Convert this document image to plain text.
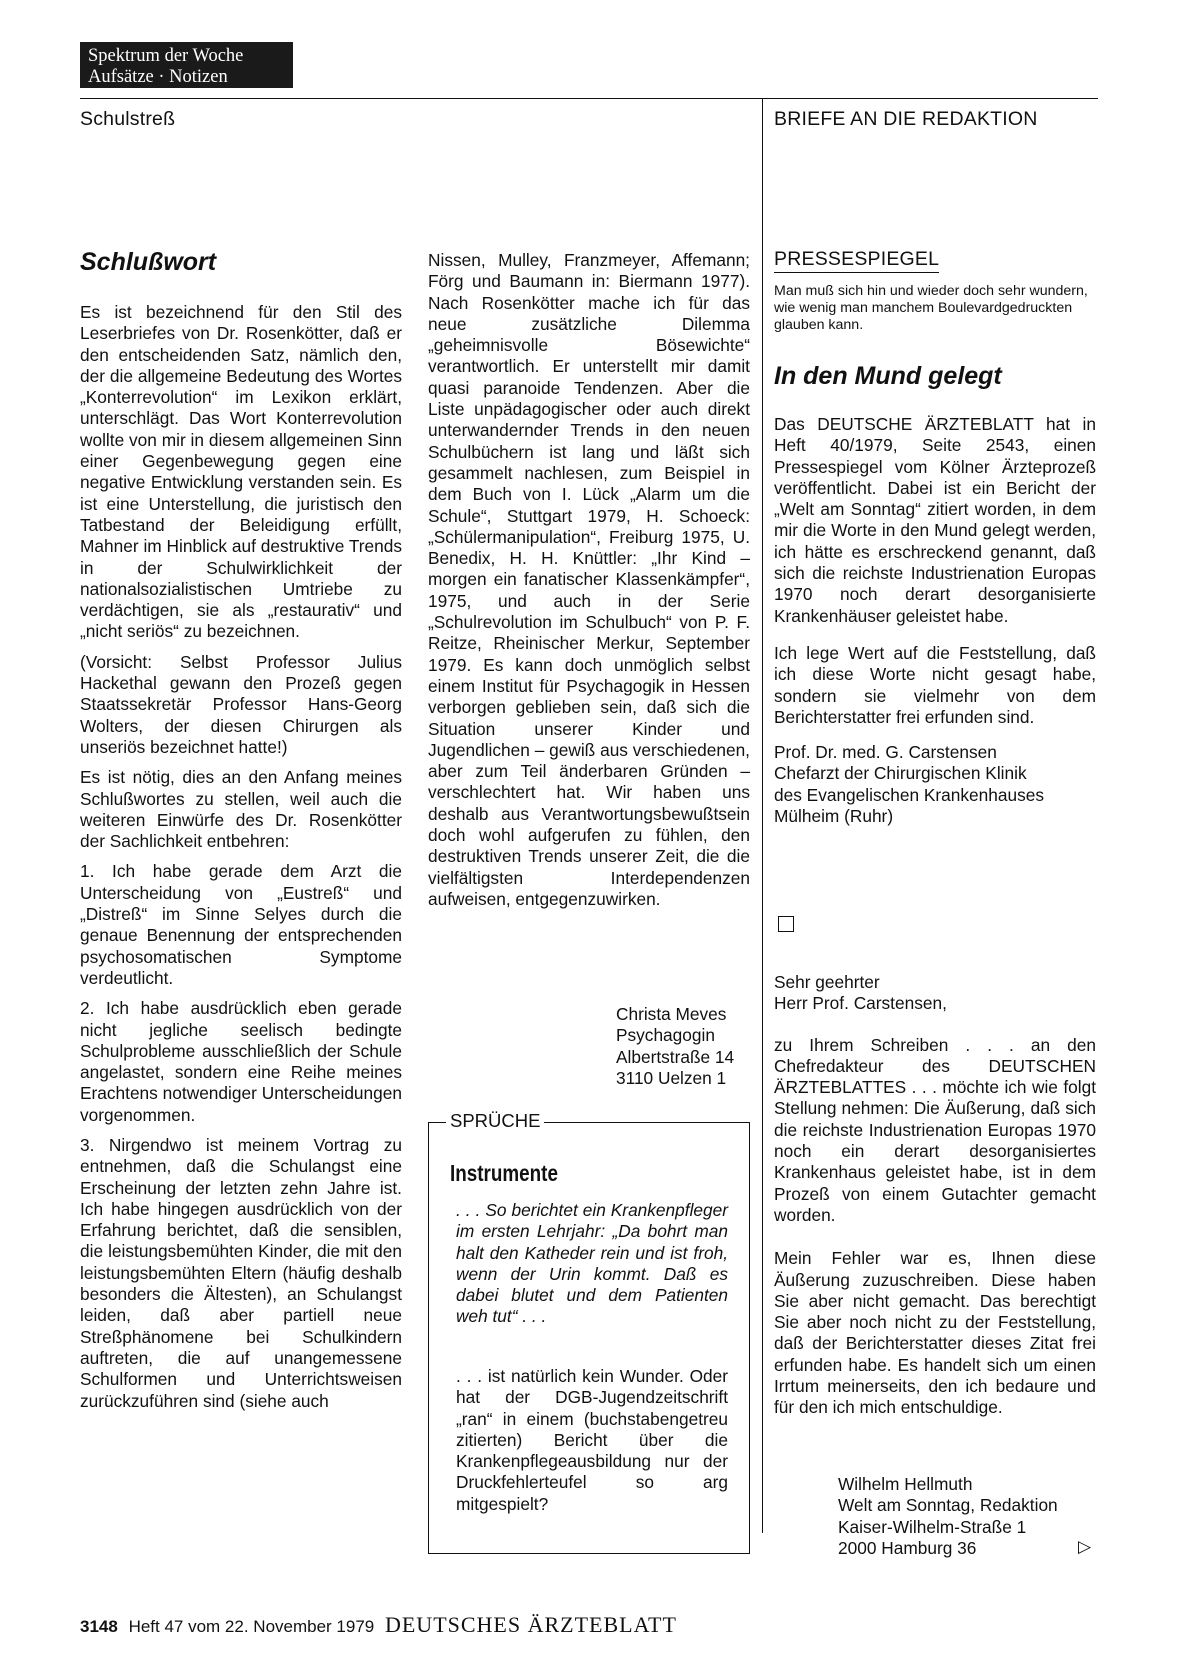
Spektrum der Woche
Aufsätze · Notizen
Schulstreß	BRIEFE AN DIE REDAKTION
Schlußwort

Es ist bezeichnend für den Stil des Leserbriefes von Dr. Rosenkötter, daß er den entscheidenden Satz, nämlich den, der die allgemeine Bedeutung des Wortes „Konterrevolution“ im Lexikon erklärt, unterschlägt. Das Wort Konterrevolution wollte von mir in diesem allgemeinen Sinn einer Gegenbewegung gegen eine negative Entwicklung verstanden sein. Es ist eine Unterstellung, die juristisch den Tatbestand der Beleidigung erfüllt, Mahner im Hinblick auf destruktive Trends in der Schulwirklichkeit der nationalsozialistischen Umtriebe zu verdächtigen, sie als „restaurativ“ und „nicht seriös“ zu bezeichnen.

(Vorsicht: Selbst Professor Julius Hackethal gewann den Prozeß gegen Staatssekretär Professor Hans-Georg Wolters, der diesen Chirurgen als unseriös bezeichnet hatte!)

Es ist nötig, dies an den Anfang meines Schlußwortes zu stellen, weil auch die weiteren Einwürfe des Dr. Rosenkötter der Sachlichkeit entbehren:

1. Ich habe gerade dem Arzt die Unterscheidung von „Eustreß“ und „Distreß“ im Sinne Selyes durch die genaue Benennung der entsprechenden psychosomatischen Symptome verdeutlicht.

2. Ich habe ausdrücklich eben gerade nicht jegliche seelisch bedingte Schulprobleme ausschließlich der Schule angelastet, sondern eine Reihe meines Erachtens notwendiger Unterscheidungen vorgenommen.

3. Nirgendwo ist meinem Vortrag zu entnehmen, daß die Schulangst eine Erscheinung der letzten zehn Jahre ist. Ich habe hingegen ausdrücklich von der Erfahrung berichtet, daß die sensiblen, die leistungsbemühten Kinder, die mit den leistungsbemühten Eltern (häufig deshalb besonders die Ältesten), an Schulangst leiden, daß aber partiell neue Streßphänomene bei Schulkindern auftreten, die auf unangemessene Schulformen und Unterrichtsweisen zurückzuführen sind (siehe auch

Nissen, Mulley, Franzmeyer, Affemann; Förg und Baumann in: Biermann 1977). Nach Rosenkötter mache ich für das neue zusätzliche Dilemma „geheimnisvolle Bösewichte“ verantwortlich. Er unterstellt mir damit quasi paranoide Tendenzen. Aber die Liste unpädagogischer oder auch direkt unterwandernder Trends in den neuen Schulbüchern ist lang und läßt sich gesammelt nachlesen, zum Beispiel in dem Buch von I. Lück „Alarm um die Schule“, Stuttgart 1979, H. Schoeck: „Schülermanipulation“, Freiburg 1975, U. Benedix, H. H. Knüttler: „Ihr Kind – morgen ein fanatischer Klassenkämpfer“, 1975, und auch in der Serie „Schulrevolution im Schulbuch“ von P. F. Reitze, Rheinischer Merkur, September 1979. Es kann doch unmöglich selbst einem Institut für Psychagogik in Hessen verborgen geblieben sein, daß sich die Situation unserer Kinder und Jugendlichen – gewiß aus verschiedenen, aber zum Teil änderbaren Gründen – verschlechtert hat. Wir haben uns deshalb aus Verantwortungsbewußtsein doch wohl aufgerufen zu fühlen, den destruktiven Trends unserer Zeit, die die vielfältigsten Interdependenzen aufweisen, entgegenzuwirken.

Christa Meves
Psychagogin
Albertstraße 14
3110 Uelzen 1
SPRÜCHE
Instrumente
. . . So berichtet ein Krankenpfleger im ersten Lehrjahr: „Da bohrt man halt den Katheder rein und ist froh, wenn der Urin kommt. Daß es dabei blutet und dem Patienten weh tut“ . . .
. . . ist natürlich kein Wunder. Oder hat der DGB-Jugendzeitschrift „ran“ in einem (buchstabengetreu zitierten) Bericht über die Krankenpflegeausbildung nur der Druckfehlerteufel so arg mitgespielt?
PRESSESPIEGEL
Man muß sich hin und wieder doch sehr wundern, wie wenig man manchem Boulevardgedruckten glauben kann.
In den Mund gelegt

Das DEUTSCHE ÄRZTEBLATT hat in Heft 40/1979, Seite 2543, einen Pressespiegel vom Kölner Ärzteprozeß veröffentlicht. Dabei ist ein Bericht der „Welt am Sonntag“ zitiert worden, in dem mir die Worte in den Mund gelegt werden, ich hätte es erschreckend genannt, daß sich die reichste Industrienation Europas 1970 noch derart desorganisierte Krankenhäuser geleistet habe.

Ich lege Wert auf die Feststellung, daß ich diese Worte nicht gesagt habe, sondern sie vielmehr von dem Berichterstatter frei erfunden sind.

Prof. Dr. med. G. Carstensen
Chefarzt der Chirurgischen Klinik
des Evangelischen Krankenhauses
Mülheim (Ruhr)
Sehr geehrter
Herr Prof. Carstensen,

zu Ihrem Schreiben . . . an den Chefredakteur des DEUTSCHEN ÄRZTEBLATTES . . . möchte ich wie folgt Stellung nehmen: Die Äußerung, daß sich die reichste Industrienation Europas 1970 noch ein derart desorganisiertes Krankenhaus geleistet habe, ist in dem Prozeß von einem Gutachter gemacht worden.

Mein Fehler war es, Ihnen diese Äußerung zuzuschreiben. Diese haben Sie aber nicht gemacht. Das berechtigt Sie aber noch nicht zu der Feststellung, daß der Berichterstatter dieses Zitat frei erfunden habe. Es handelt sich um einen Irrtum meinerseits, den ich bedaure und für den ich mich entschuldige.

Wilhelm Hellmuth
Welt am Sonntag, Redaktion
Kaiser-Wilhelm-Straße 1
2000 Hamburg 36	▷
3148 Heft 47 vom 22. November 1979 DEUTSCHES ÄRZTEBLATT
